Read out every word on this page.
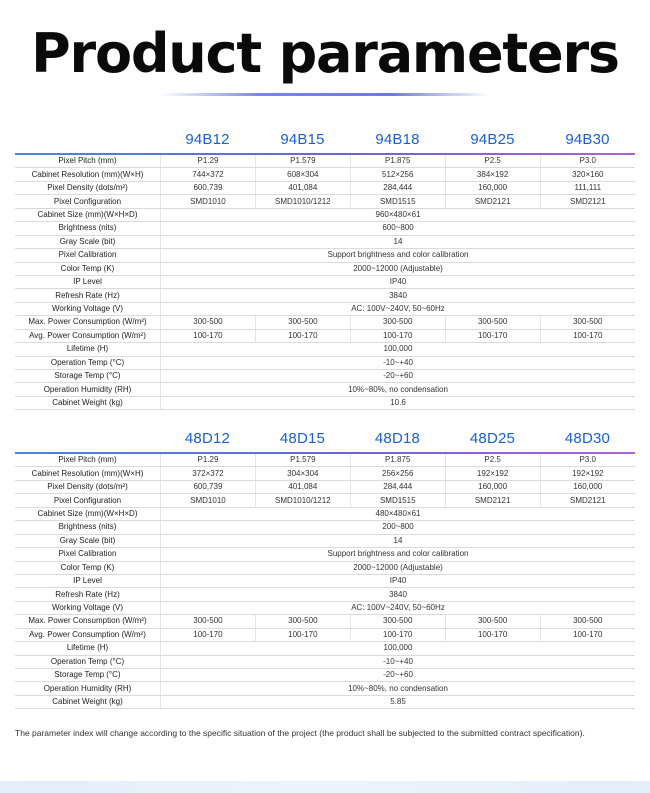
Product parameters
94B12	94B15	94B18	94B25	94B30
Pixel Pitch (mm)	P1.29	P1.579	P1.875	P2.5	P3.0
Cabinet Resolution (mm)(W×H)	744×372	608×304	512×256	384×192	320×160
Pixel Density (dots/m²)	600,739	401,084	284,444	160,000	111,111
Pixel Configuration	SMD1010	SMD1010/1212	SMD1515	SMD2121	SMD2121
Cabinet Size (mm)(W×H×D)	960×480×61				
Brightness (nits)	600~800				
Gray Scale (bit)	14				
Pixel Calibration	Support brightness and color calibration				
Color Temp (K)	2000~12000 (Adjustable)				
IP Level	IP40				
Refresh Rate (Hz)	3840				
Working Voltage (V)	AC: 100V~240V, 50~60Hz				
Max. Power Consumption (W/m²)	300-500	300-500	300-500	300-500	300-500
Avg. Power Consumption (W/m²)	100-170	100-170	100-170	100-170	100-170
Lifetime (H)	100,000				
Operation Temp (°C)	-10~+40				
Storage Temp (°C)	-20~+60				
Operation Humidity (RH)	10%~80%, no condensation				
Cabinet Weight (kg)	10.6				
48D12	48D15	48D18	48D25	48D30
Pixel Pitch (mm)	P1.29	P1.579	P1.875	P2.5	P3.0
Cabinet Resolution (mm)(W×H)	372×372	304×304	256×256	192×192	192×192
Pixel Density (dots/m²)	600,739	401,084	284,444	160,000	160,000
Pixel Configuration	SMD1010	SMD1010/1212	SMD1515	SMD2121	SMD2121
Cabinet Size (mm)(W×H×D)	480×480×61				
Brightness (nits)	200~800				
Gray Scale (bit)	14				
Pixel Calibration	Support brightness and color calibration				
Color Temp (K)	2000~12000 (Adjustable)				
IP Level	IP40				
Refresh Rate (Hz)	3840				
Working Voltage (V)	AC: 100V~240V, 50~60Hz				
Max. Power Consumption (W/m²)	300-500	300-500	300-500	300-500	300-500
Avg. Power Consumption (W/m²)	100-170	100-170	100-170	100-170	100-170
Lifetime (H)	100,000				
Operation Temp (°C)	-10~+40				
Storage Temp (°C)	-20~+60				
Operation Humidity (RH)	10%~80%, no condensation				
Cabinet Weight (kg)	5.85				
The parameter index will change according to the specific situation of the project (the product shall be subjected to the submitted contract specification).
